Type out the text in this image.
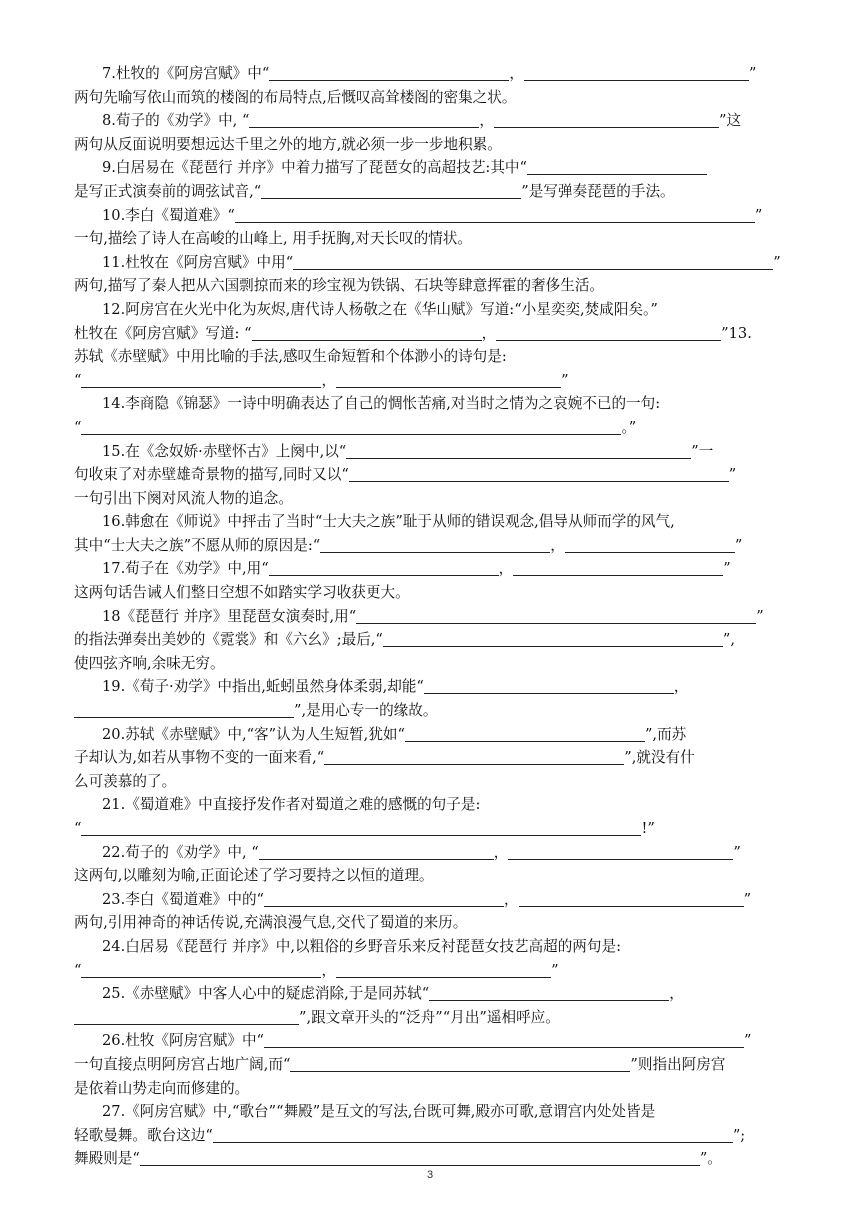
7.杜牧的《阿房宫赋》中“	，	”
两句先喻写依山而筑的楼阁的布局特点,后慨叹高耸楼阁的密集之状。
8.荀子的《劝学》中, “	，	”这
两句从反面说明要想远达千里之外的地方,就必须一步一步地积累。
9.白居易在《琵琶行 并序》中着力描写了琵琶女的高超技艺:其中“
是写正式演奏前的调弦试音,“	”是写弹奏琵琶的手法。
10.李白《蜀道难》“	”
一句,描绘了诗人在高峻的山峰上, 用手抚胸,对天长叹的情状。
11.杜牧在《阿房宫赋》中用“	”
两句,描写了秦人把从六国剽掠而来的珍宝视为铁锅、石块等肆意挥霍的奢侈生活。
12.阿房宫在火光中化为灰烬,唐代诗人杨敬之在《华山赋》写道:“小星奕奕,焚咸阳矣。”
杜牧在《阿房宫赋》写道: “	，	”13.
苏轼《赤壁赋》中用比喻的手法,感叹生命短暂和个体渺小的诗句是:
“	，	”
14.李商隐《锦瑟》一诗中明确表达了自己的惆怅苦痛,对当时之情为之哀婉不已的一句:
“	。”
15.在《念奴娇·赤壁怀古》上阕中,以“	”一
句收束了对赤壁雄奇景物的描写,同时又以“	”
一句引出下阕对风流人物的追念。
16.韩愈在《师说》中抨击了当时“士大夫之族”耻于从师的错误观念,倡导从师而学的风气,
其中“士大夫之族”不愿从师的原因是:“	，	”
17.荀子在《劝学》中,用“	，	”
这两句话告诫人们整日空想不如踏实学习收获更大。
18《琵琶行 并序》里琵琶女演奏时,用“	”
的指法弹奏出美妙的《霓裳》和《六幺》;最后,“	”,
使四弦齐响,余味无穷。
19.《荀子·劝学》中指出,蚯蚓虽然身体柔弱,却能“	，
”,是用心专一的缘故。
20.苏轼《赤壁赋》中,“客”认为人生短暂,犹如“	”,而苏
子却认为,如若从事物不变的一面来看,“	”,就没有什
么可羡慕的了。
21.《蜀道难》中直接抒发作者对蜀道之难的感慨的句子是:
“	!”
22.荀子的《劝学》中, “	，	”
这两句,以雕刻为喻,正面论述了学习要持之以恒的道理。
23.李白《蜀道难》中的“	，	”
两句,引用神奇的神话传说,充满浪漫气息,交代了蜀道的来历。
24.白居易《琵琶行 并序》中,以粗俗的乡野音乐来反衬琵琶女技艺高超的两句是:
“	，	”
25.《赤壁赋》中客人心中的疑虑消除,于是同苏轼“	，
”,跟文章开头的“泛舟”“月出”遥相呼应。
26.杜牧《阿房宫赋》中“	”
一句直接点明阿房宫占地广阔,而“	”则指出阿房宫
是依着山势走向而修建的。
27.《阿房宫赋》中,“歌台”“舞殿”是互文的写法,台既可舞,殿亦可歌,意谓宫内处处皆是
轻歌曼舞。歌台这边“	”;
舞殿则是“	”。
3
